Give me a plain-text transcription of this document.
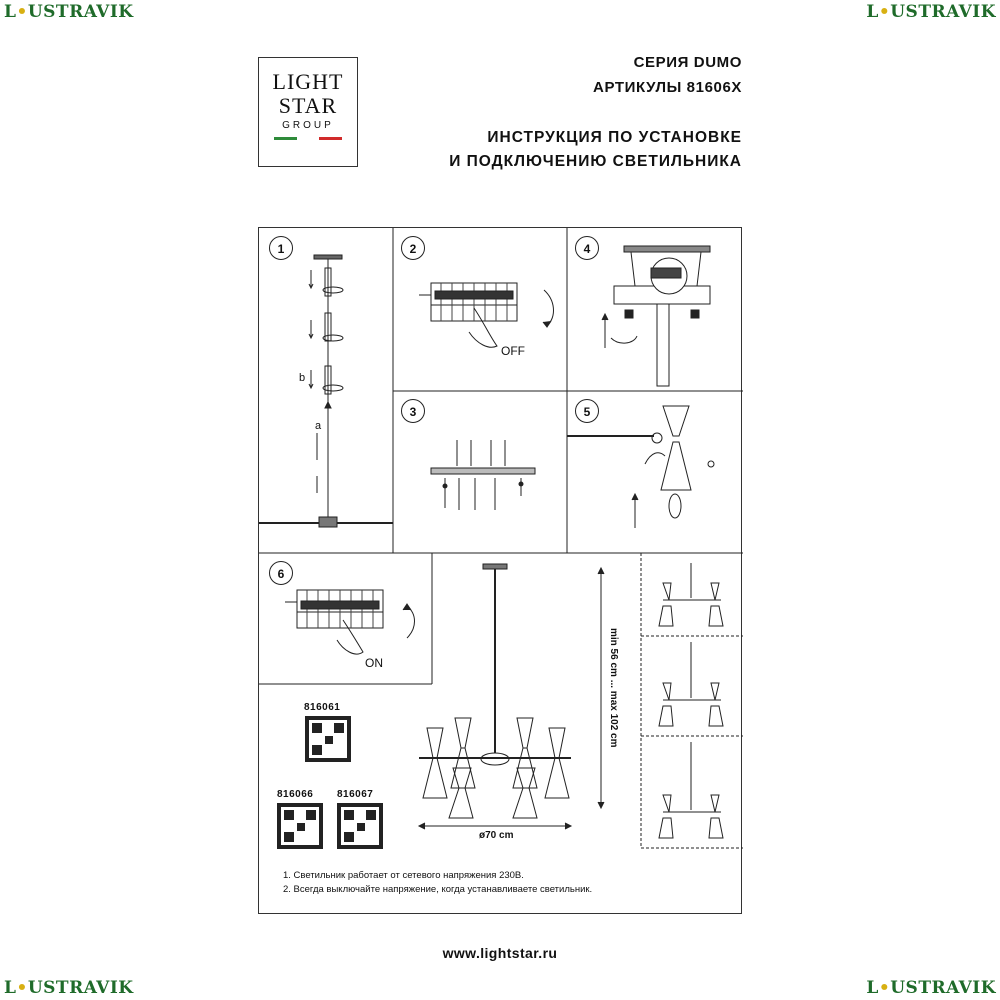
L•USTRAVIK	L•USTRAVIK
L•USTRAVIK	L•USTRAVIK
LIGHT
STAR
GROUP
СЕРИЯ DUMO
АРТИКУЛЫ 81606X
ИНСТРУКЦИЯ ПО УСТАНОВКЕ
И ПОДКЛЮЧЕНИЮ СВЕТИЛЬНИКА
1	2	4
3	5
6
OFF
ON
a
b
816061
816066 816067
min 56 cm ... max 102 cm
ø70 cm
1. Светильник работает от сетевого напряжения 230В.
2. Всегда выключайте напряжение, когда устанавливаете светильник.
www.lightstar.ru
